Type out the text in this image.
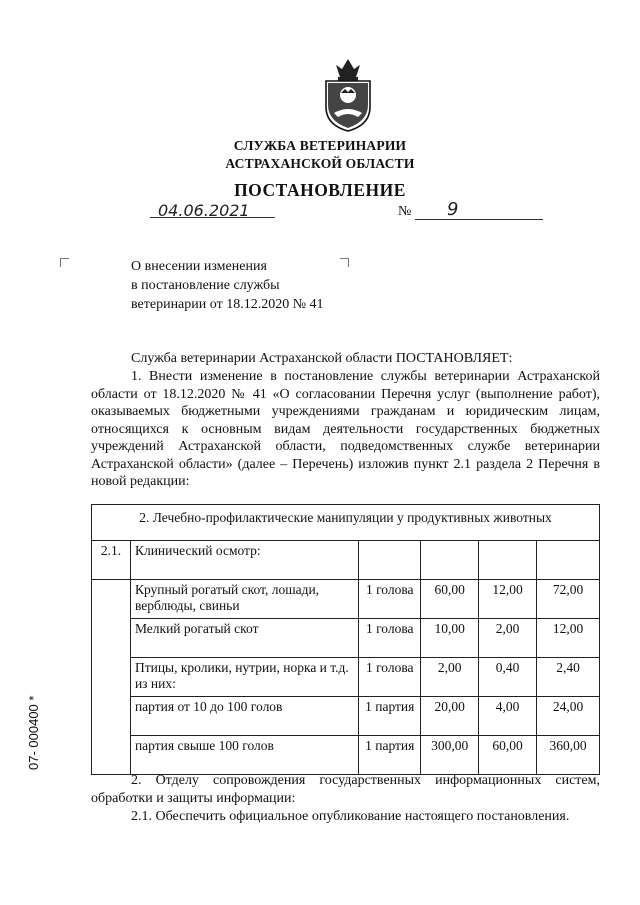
СЛУЖБА ВЕТЕРИНАРИИ
АСТРАХАНСКОЙ ОБЛАСТИ
ПОСТАНОВЛЕНИЕ
04.06.2021	№ 9
О внесении изменения
в постановление службы
ветеринарии от 18.12.2020 № 41
Служба ветеринарии Астраханской области ПОСТАНОВЛЯЕТ:
1. Внести изменение в постановление службы ветеринарии Астраханской области от 18.12.2020 № 41 «О согласовании Перечня услуг (выполнение работ), оказываемых бюджетными учреждениями гражданам и юридическим лицам, относящихся к основным видам деятельности государственных бюджетных учреждений Астраханской области, подведомственных службе ветеринарии Астраханской области» (далее – Перечень) изложив пункт 2.1 раздела 2 Перечня в новой редакции:
2. Лечебно-профилактические манипуляции у продуктивных животных					
2.1.	Клинический осмотр:				
	Крупный рогатый скот, лошади, верблюды, свиньи	1 голова	60,00	12,00	72,00
	Мелкий рогатый скот	1 голова	10,00	2,00	12,00
	Птицы, кролики, нутрии, норка и т.д. из них:	1 голова	2,00	0,40	2,40
	партия от 10 до 100 голов	1 партия	20,00	4,00	24,00
	партия свыше 100 голов	1 партия	300,00	60,00	360,00
2. Отделу сопровождения государственных информационных систем, обработки и защиты информации:
2.1. Обеспечить официальное опубликование настоящего постановления.
07- 000400 *
